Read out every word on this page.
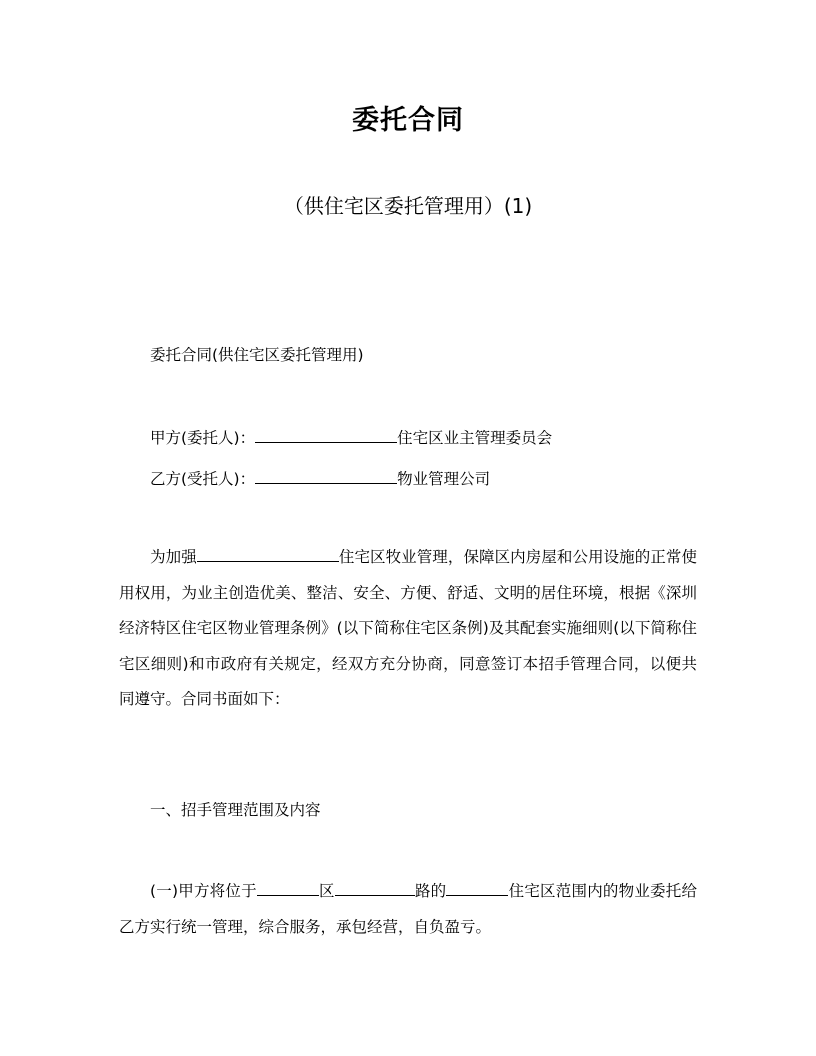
委托合同
（供住宅区委托管理用）(1)
委托合同(供住宅区委托管理用)
甲方(委托人)：	住宅区业主管理委员会
乙方(受托人)：	物业管理公司
为加强	住宅区牧业管理，保障区内房屋和公用设施的正常使用权用，为业主创造优美、整洁、安全、方便、舒适、文明的居住环境，根据《深圳经济特区住宅区物业管理条例》(以下简称住宅区条例)及其配套实施细则(以下简称住宅区细则)和市政府有关规定，经双方充分协商，同意签订本招手管理合同，以便共同遵守。合同书面如下：
一、招手管理范围及内容
(一)甲方将位于	区	路的	住宅区范围内的物业委托给乙方实行统一管理，综合服务，承包经营，自负盈亏。
